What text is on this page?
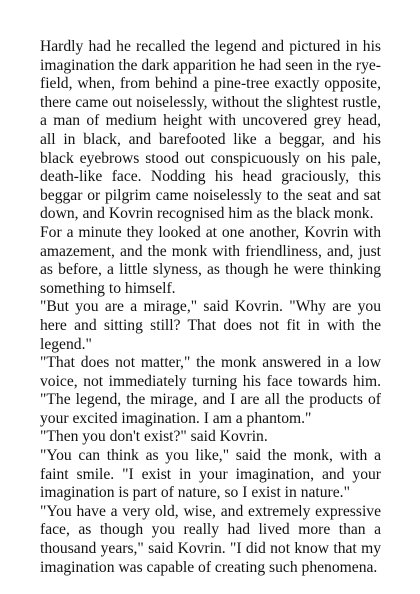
Hardly had he recalled the legend and pictured in his imagination the dark apparition he had seen in the rye-field, when, from behind a pine-tree exactly opposite, there came out noiselessly, without the slightest rustle, a man of medium height with uncovered grey head, all in black, and barefooted like a beggar, and his black eyebrows stood out conspicuously on his pale, death-like face. Nodding his head graciously, this beggar or pilgrim came noiselessly to the seat and sat down, and Kovrin recognised him as the black monk.

For a minute they looked at one another, Kovrin with amazement, and the monk with friendliness, and, just as before, a little slyness, as though he were thinking something to himself.

"But you are a mirage," said Kovrin. "Why are you here and sitting still? That does not fit in with the legend."

"That does not matter," the monk answered in a low voice, not immediately turning his face towards him. "The legend, the mirage, and I are all the products of your excited imagination. I am a phantom."

"Then you don't exist?" said Kovrin.

"You can think as you like," said the monk, with a faint smile. "I exist in your imagination, and your imagination is part of nature, so I exist in nature."

"You have a very old, wise, and extremely expressive face, as though you really had lived more than a thousand years," said Kovrin. "I did not know that my imagination was capable of creating such phenomena.
